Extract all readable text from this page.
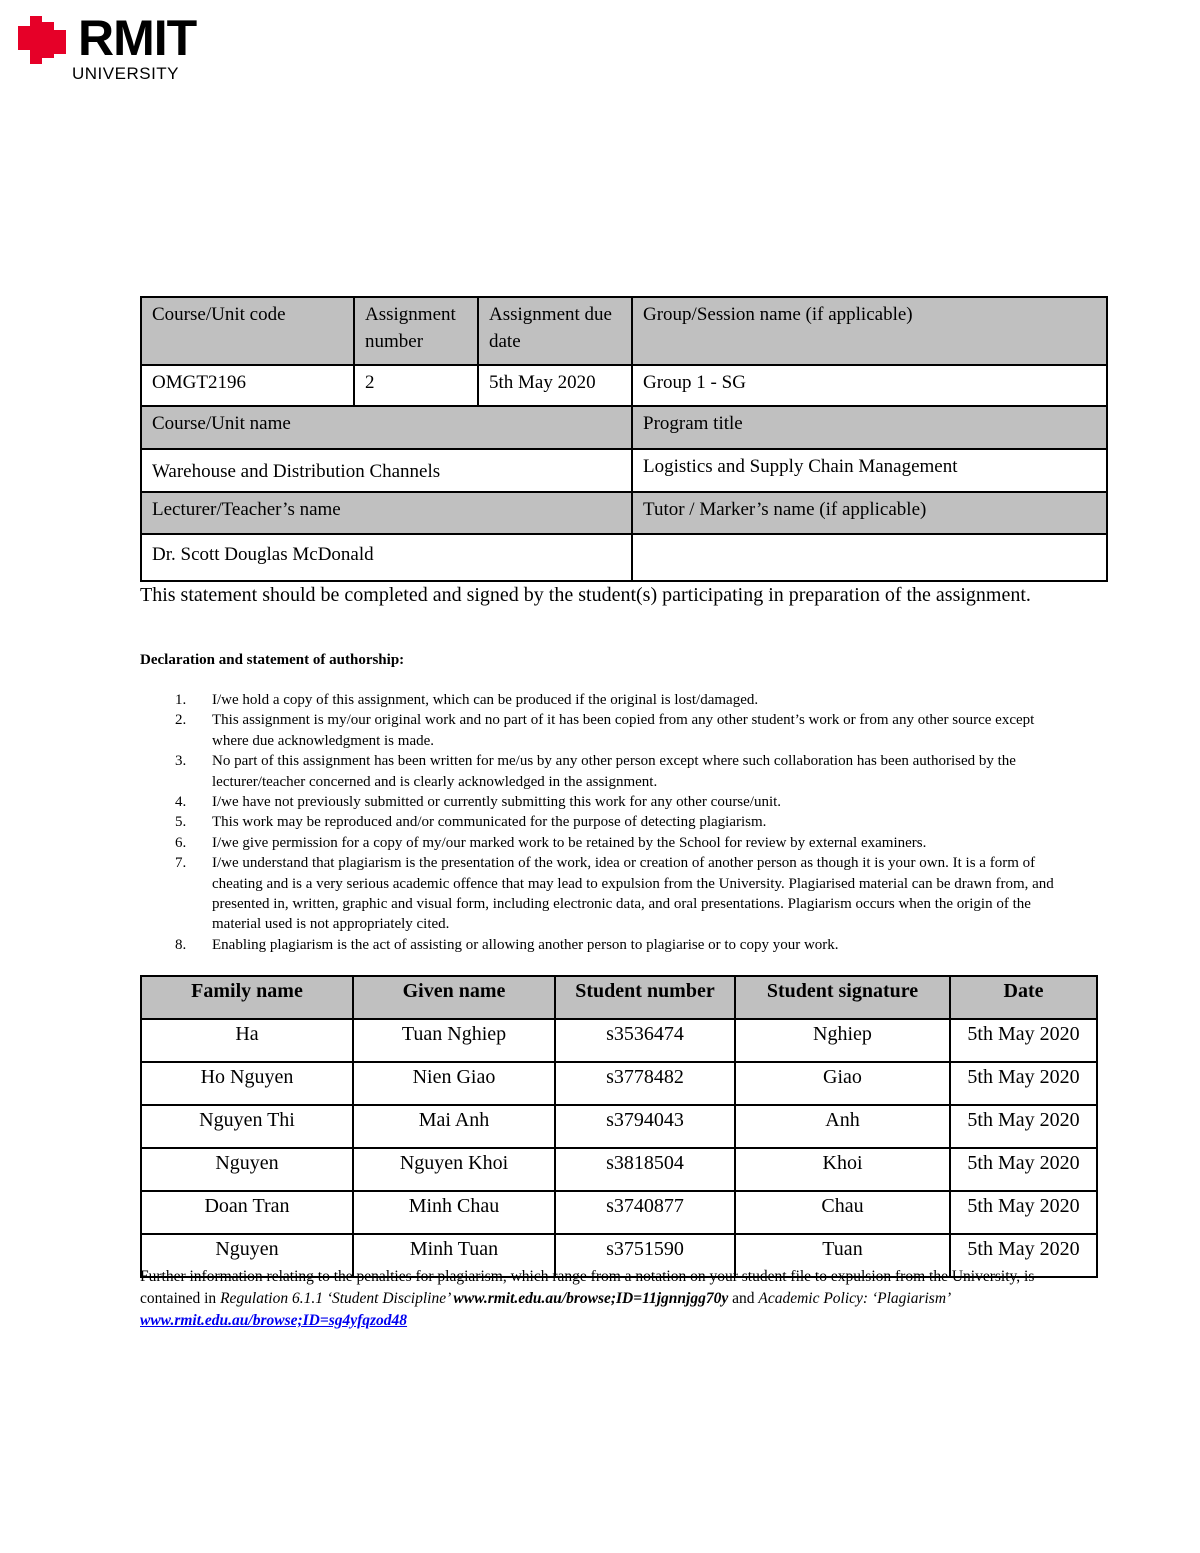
RMIT
UNIVERSITY
Course/Unit code	Assignment number	Assignment due date	Group/Session name (if applicable)
OMGT2196	2	5th May 2020	Group 1 - SG
Course/Unit name			Program title
Warehouse and Distribution Channels			Logistics and Supply Chain Management
Lecturer/Teacher’s name			Tutor / Marker’s name (if applicable)
Dr. Scott Douglas McDonald			

This statement should be completed and signed by the student(s) participating in preparation of the assignment.

Declaration and statement of authorship:

1. I/we hold a copy of this assignment, which can be produced if the original is lost/damaged.
2. This assignment is my/our original work and no part of it has been copied from any other student’s work or from any other source except where due acknowledgment is made.
3. No part of this assignment has been written for me/us by any other person except where such collaboration has been authorised by the lecturer/teacher concerned and is clearly acknowledged in the assignment.
4. I/we have not previously submitted or currently submitting this work for any other course/unit.
5. This work may be reproduced and/or communicated for the purpose of detecting plagiarism.
6. I/we give permission for a copy of my/our marked work to be retained by the School for review by external examiners.
7. I/we understand that plagiarism is the presentation of the work, idea or creation of another person as though it is your own. It is a form of cheating and is a very serious academic offence that may lead to expulsion from the University. Plagiarised material can be drawn from, and presented in, written, graphic and visual form, including electronic data, and oral presentations. Plagiarism occurs when the origin of the material used is not appropriately cited.
8. Enabling plagiarism is the act of assisting or allowing another person to plagiarise or to copy your work.
Family name	Given name	Student number	Student signature	Date
Ha	Tuan Nghiep	s3536474	Nghiep	5th May 2020
Ho Nguyen	Nien Giao	s3778482	Giao	5th May 2020
Nguyen Thi	Mai Anh	s3794043	Anh	5th May 2020
Nguyen	Nguyen Khoi	s3818504	Khoi	5th May 2020
Doan Tran	Minh Chau	s3740877	Chau	5th May 2020
Nguyen	Minh Tuan	s3751590	Tuan	5th May 2020

Further information relating to the penalties for plagiarism, which range from a notation on your student file to expulsion from the University, is contained in Regulation 6.1.1 ‘Student Discipline’ www.rmit.edu.au/browse;ID=11jgnnjgg70y and Academic Policy: ‘Plagiarism’ www.rmit.edu.au/browse;ID=sg4yfqzod48
